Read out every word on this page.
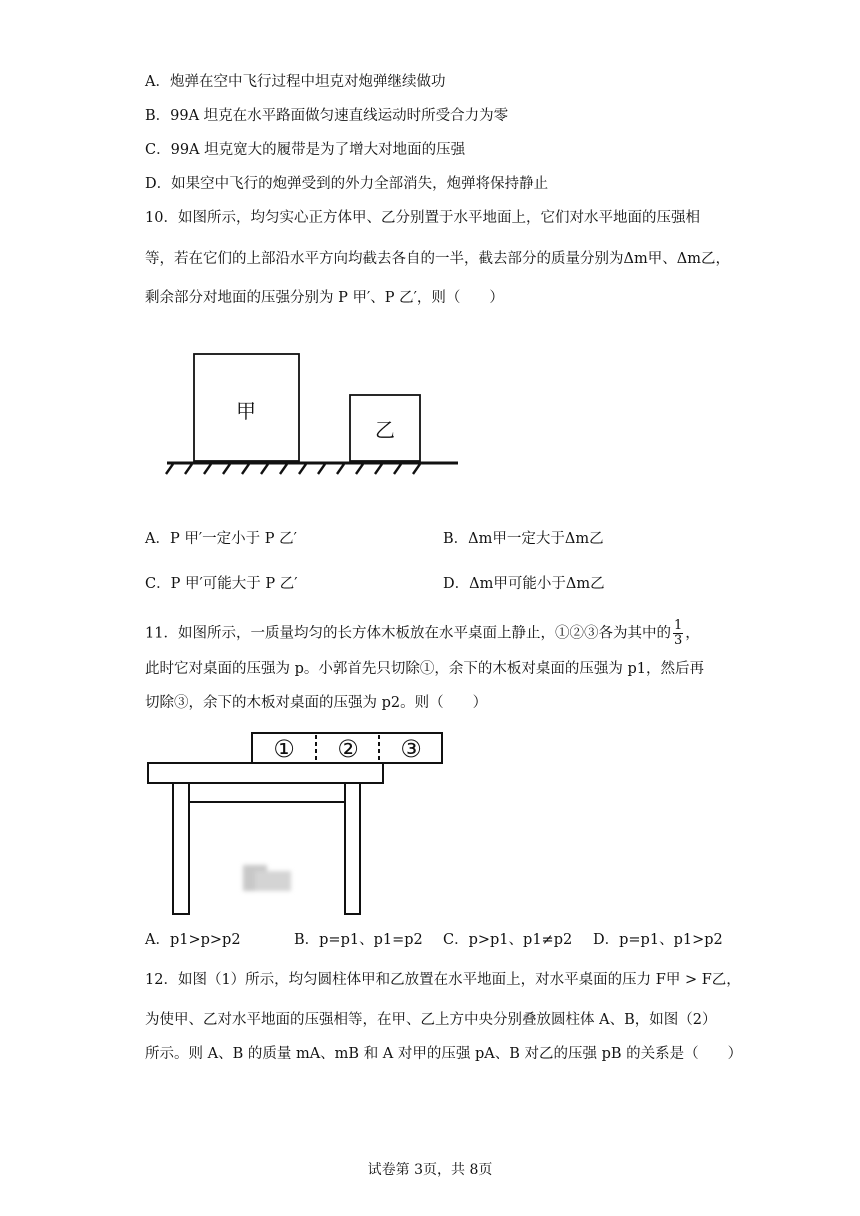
A．炮弹在空中飞行过程中坦克对炮弹继续做功
B．99A 坦克在水平路面做匀速直线运动时所受合力为零
C．99A 坦克宽大的履带是为了增大对地面的压强
D．如果空中飞行的炮弹受到的外力全部消失，炮弹将保持静止
10．如图所示，均匀实心正方体甲、乙分别置于水平地面上，它们对水平地面的压强相
等，若在它们的上部沿水平方向均截去各自的一半，截去部分的质量分别为Δm甲、Δm乙，
剩余部分对地面的压强分别为 P 甲′、P 乙′，则（　　）
甲
乙
A．P 甲′一定小于 P 乙′	B．Δm甲一定大于Δm乙
C．P 甲′可能大于 P 乙′	D．Δm甲可能小于Δm乙
11．如图所示，一质量均匀的长方体木板放在水平桌面上静止，①②③各为其中的 $\frac{1}{3}$ ，
此时它对桌面的压强为 p。小郭首先只切除①，余下的木板对桌面的压强为 p1，然后再
切除③，余下的木板对桌面的压强为 p2。则（　　）
① ② ③
A．p1>p>p2	B．p=p1、p1=p2 C．p>p1、p1≠p2 D．p=p1、p1>p2
12．如图（1）所示，均匀圆柱体甲和乙放置在水平地面上，对水平桌面的压力 F甲 > F乙，
为使甲、乙对水平地面的压强相等，在甲、乙上方中央分别叠放圆柱体 A、B，如图（2）
所示。则 A、B 的质量 mA、mB 和 A 对甲的压强 pA、B 对乙的压强 pB 的关系是（　　）
试卷第 3页，共 8页
